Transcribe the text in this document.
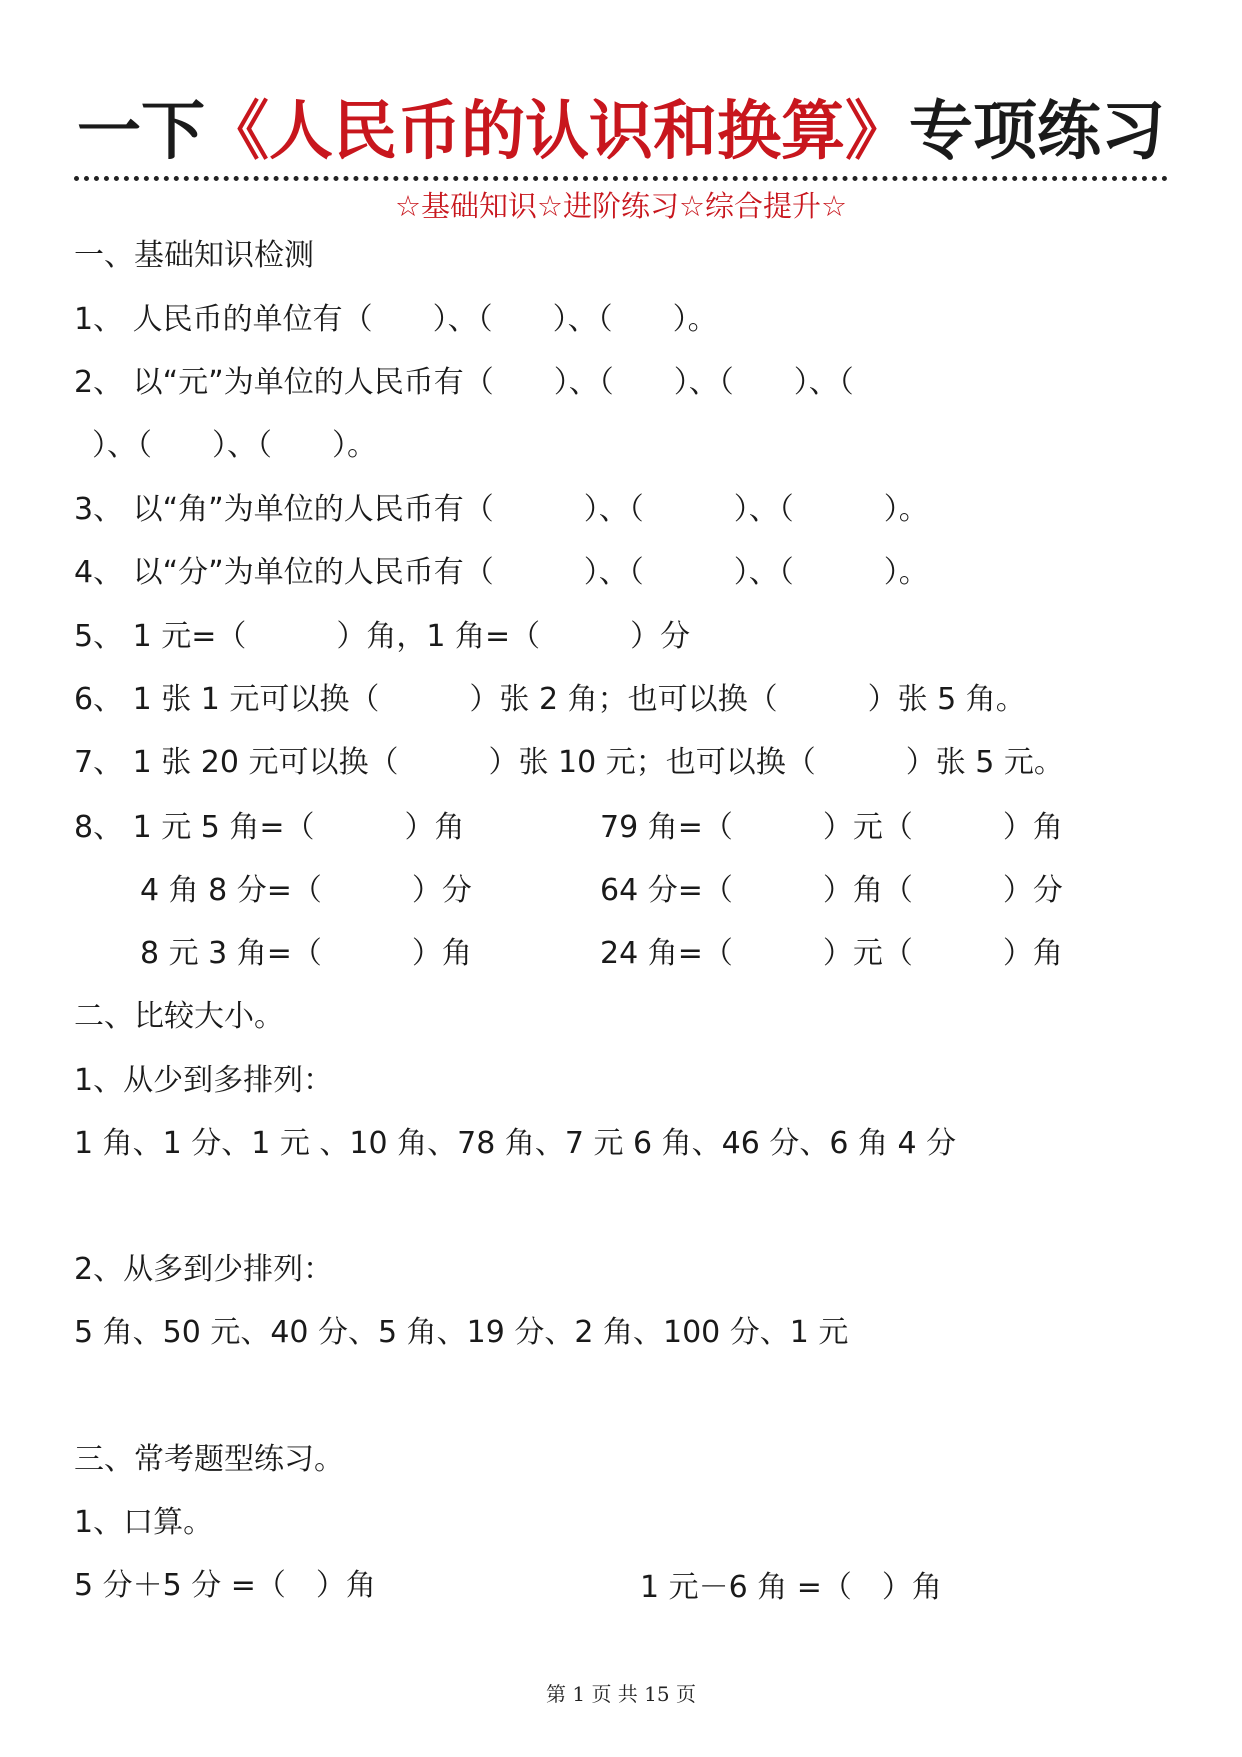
一下《人民币的认识和换算》专项练习
☆基础知识☆进阶练习☆综合提升☆
一、基础知识检测
1、 人民币的单位有（　　）、（　　）、（　　）。
2、 以“元”为单位的人民币有（　　）、（　　）、（　　）、（
）、（　　）、（　　）。
3、 以“角”为单位的人民币有（　　　）、（　　　）、（　　　）。
4、 以“分”为单位的人民币有（　　　）、（　　　）、（　　　）。
5、 1 元=（　　　）角，1 角=（　　　）分
6、 1 张 1 元可以换（　　　）张 2 角；也可以换（　　　）张 5 角。
7、 1 张 20 元可以换（　　　）张 10 元；也可以换（　　　）张 5 元。
8、 1 元 5 角=（　　　）角	79 角=（　　　）元（　　　）角
4 角 8 分=（　　　）分	64 分=（　　　）角（　　　）分
8 元 3 角=（　　　）角	24 角=（　　　）元（　　　）角
二、比较大小。
1、从少到多排列：
1 角、1 分、1 元 、10 角、78 角、7 元 6 角、46 分、6 角 4 分
2、从多到少排列：
5 角、50 元、40 分、5 角、19 分、2 角、100 分、1 元
三、常考题型练习。
1、口算。
5 分＋5 分 =（　）角	1 元－6 角 =（　）角
第 1 页 共 15 页
